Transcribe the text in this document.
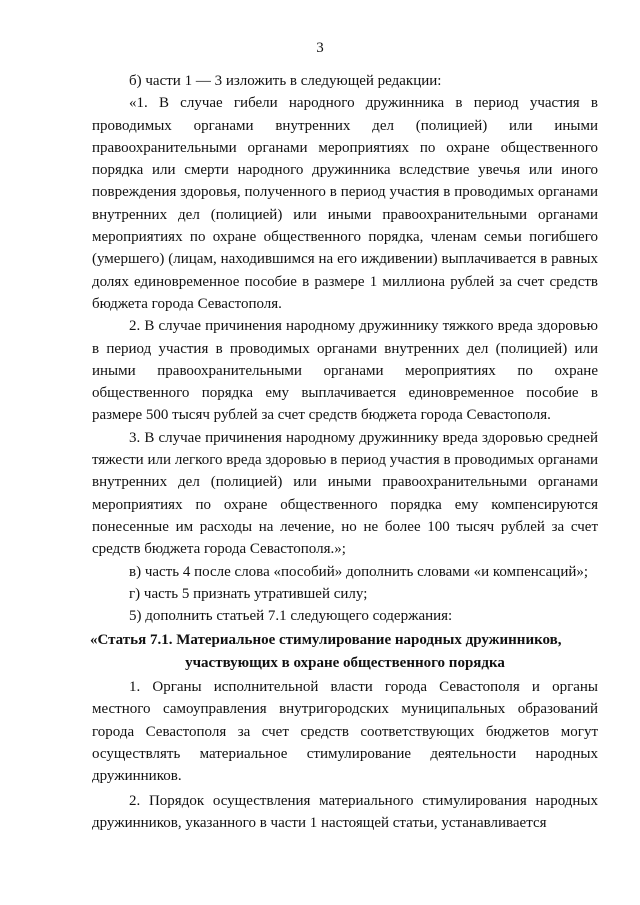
3

б) части 1 — 3 изложить в следующей редакции:

«1. В случае гибели народного дружинника в период участия в проводимых органами внутренних дел (полицией) или иными правоохранительными органами мероприятиях по охране общественного порядка или смерти народного дружинника вследствие увечья или иного повреждения здоровья, полученного в период участия в проводимых органами внутренних дел (полицией) или иными правоохранительными органами мероприятиях по охране общественного порядка, членам семьи погибшего (умершего) (лицам, находившимся на его иждивении) выплачивается в равных долях единовременное пособие в размере 1 миллиона рублей за счет средств бюджета города Севастополя.

2. В случае причинения народному дружиннику тяжкого вреда здоровью в период участия в проводимых органами внутренних дел (полицией) или иными правоохранительными органами мероприятиях по охране общественного порядка ему выплачивается единовременное пособие в размере 500 тысяч рублей за счет средств бюджета города Севастополя.

3. В случае причинения народному дружиннику вреда здоровью средней тяжести или легкого вреда здоровью в период участия в проводимых органами внутренних дел (полицией) или иными правоохранительными органами мероприятиях по охране общественного порядка ему компенсируются понесенные им расходы на лечение, но не более 100 тысяч рублей за счет средств бюджета города Севастополя.»;

в) часть 4 после слова «пособий» дополнить словами «и компенсаций»;

г) часть 5 признать утратившей силу;

5) дополнить статьей 7.1 следующего содержания:

«Статья 7.1. Материальное стимулирование народных дружинников,
участвующих в охране общественного порядка

1. Органы исполнительной власти города Севастополя и органы местного самоуправления внутригородских муниципальных образований города Севастополя за счет средств соответствующих бюджетов могут осуществлять материальное стимулирование деятельности народных дружинников.

2. Порядок осуществления материального стимулирования народных дружинников, указанного в части 1 настоящей статьи, устанавливается
